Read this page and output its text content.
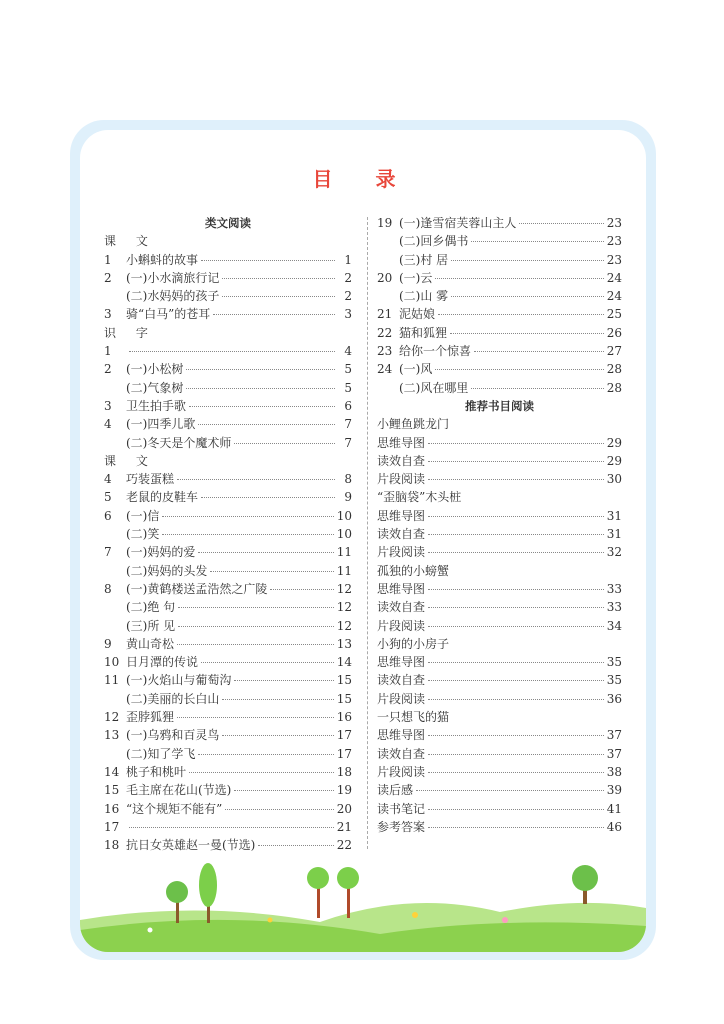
目 录
类文阅读
课 文
1	小蝌蚪的故事	1
2	(一)小水滴旅行记	2
(二)水妈妈的孩子	2
3	骑“白马”的苍耳	3
识 字
1	4
2	(一)小松树	5
(二)气象树	5
3	卫生拍手歌	6
4	(一)四季儿歌	7
(二)冬天是个魔术师	7
课 文
4	巧装蛋糕	8
5	老鼠的皮鞋车	9
6	(一)信	10
(二)笑	10
7	(一)妈妈的爱	11
(二)妈妈的头发	11
8	(一)黄鹤楼送孟浩然之广陵	12
(二)绝 句	12
(三)所 见	12
9	黄山奇松	13
10 日月潭的传说	14
11 (一)火焰山与葡萄沟	15
(二)美丽的长白山	15
12 歪脖狐狸	16
13 (一)乌鸦和百灵鸟	17
(二)知了学飞	17
14 桃子和桃叶	18
15 毛主席在花山(节选)	19
16 “这个规矩不能有”	20
17	21
18 抗日女英雄赵一曼(节选)	22
19 (一)逢雪宿芙蓉山主人	23
(二)回乡偶书	23
(三)村 居	23
20 (一)云	24
(二)山 雾	24
21 泥姑娘	25
22 猫和狐狸	26
23 给你一个惊喜	27
24 (一)风	28
(二)风在哪里	28
推荐书目阅读
小鲤鱼跳龙门
思维导图	29
读效自查	29
片段阅读	30
“歪脑袋”木头桩
思维导图	31
读效自查	31
片段阅读	32
孤独的小螃蟹
思维导图	33
读效自查	33
片段阅读	34
小狗的小房子
思维导图	35
读效自查	35
片段阅读	36
一只想飞的猫
思维导图	37
读效自查	37
片段阅读	38
读后感	39
读书笔记	41
参考答案	46
